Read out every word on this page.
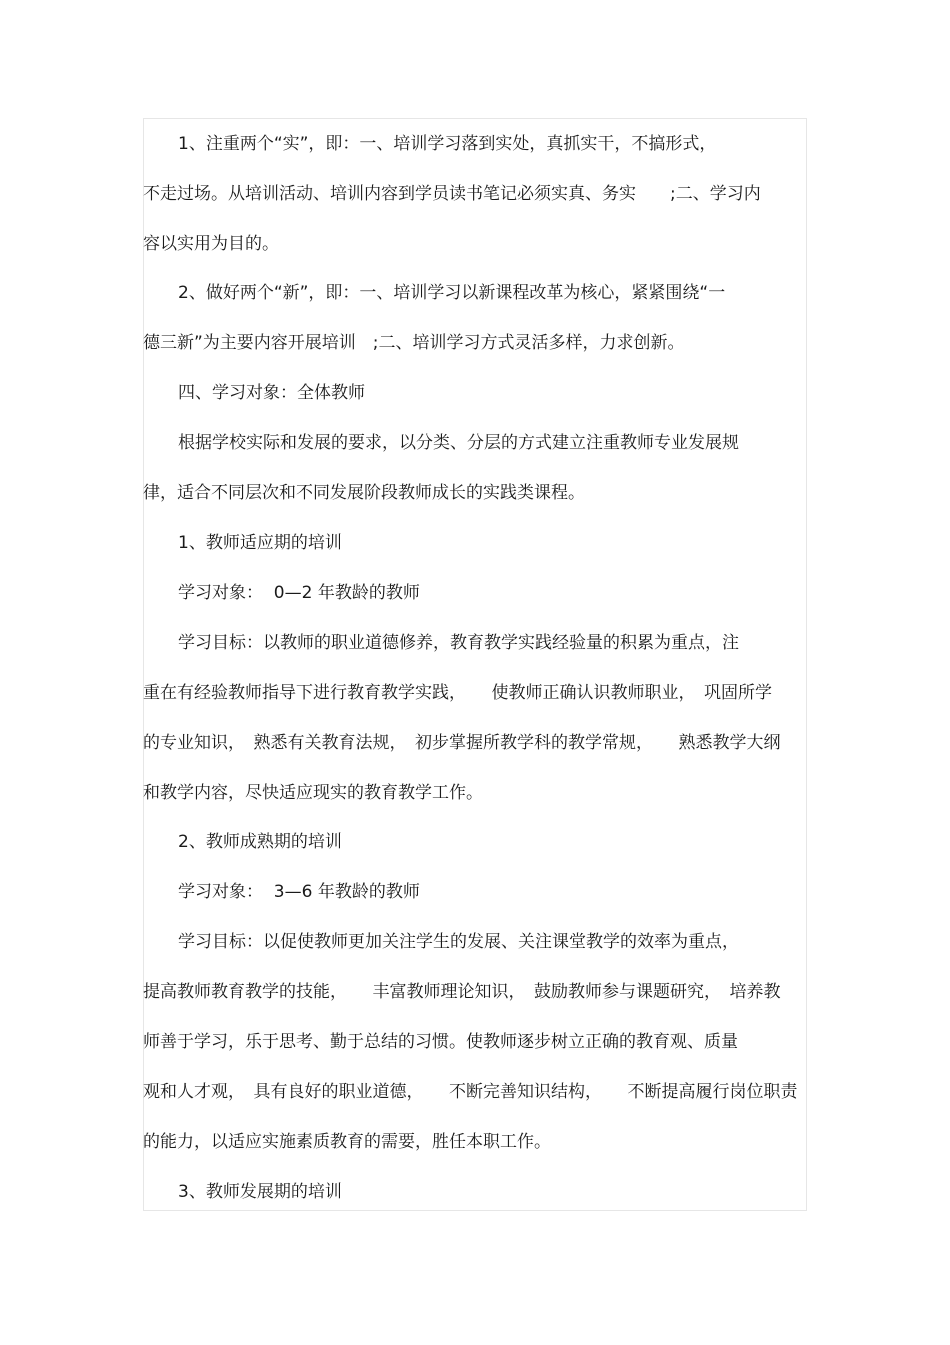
1、注重两个“实”，即：一、培训学习落到实处，真抓实干，不搞形式，
不走过场。从培训活动、培训内容到学员读书笔记必须实真、务实　　;二、学习内
容以实用为目的。
2、做好两个“新”，即：一、培训学习以新课程改革为核心，紧紧围绕“一
德三新”为主要内容开展培训　;二、培训学习方式灵活多样，力求创新。
四、学习对象：全体教师
根据学校实际和发展的要求，以分类、分层的方式建立注重教师专业发展规
律，适合不同层次和不同发展阶段教师成长的实践类课程。
1、教师适应期的培训
学习对象：  0—2 年教龄的教师
学习目标：以教师的职业道德修养，教育教学实践经验量的积累为重点，注
重在有经验教师指导下进行教育教学实践，　　使教师正确认识教师职业，　巩固所学
的专业知识，　熟悉有关教育法规，　初步掌握所教学科的教学常规，　　熟悉教学大纲
和教学内容，尽快适应现实的教育教学工作。
2、教师成熟期的培训
学习对象：  3—6 年教龄的教师
学习目标：以促使教师更加关注学生的发展、关注课堂教学的效率为重点，
提高教师教育教学的技能，　　丰富教师理论知识，　鼓励教师参与课题研究，　培养教
师善于学习，乐于思考、勤于总结的习惯。使教师逐步树立正确的教育观、质量
观和人才观，　具有良好的职业道德，　　不断完善知识结构，　　不断提高履行岗位职责
的能力，以适应实施素质教育的需要，胜任本职工作。
3、教师发展期的培训
